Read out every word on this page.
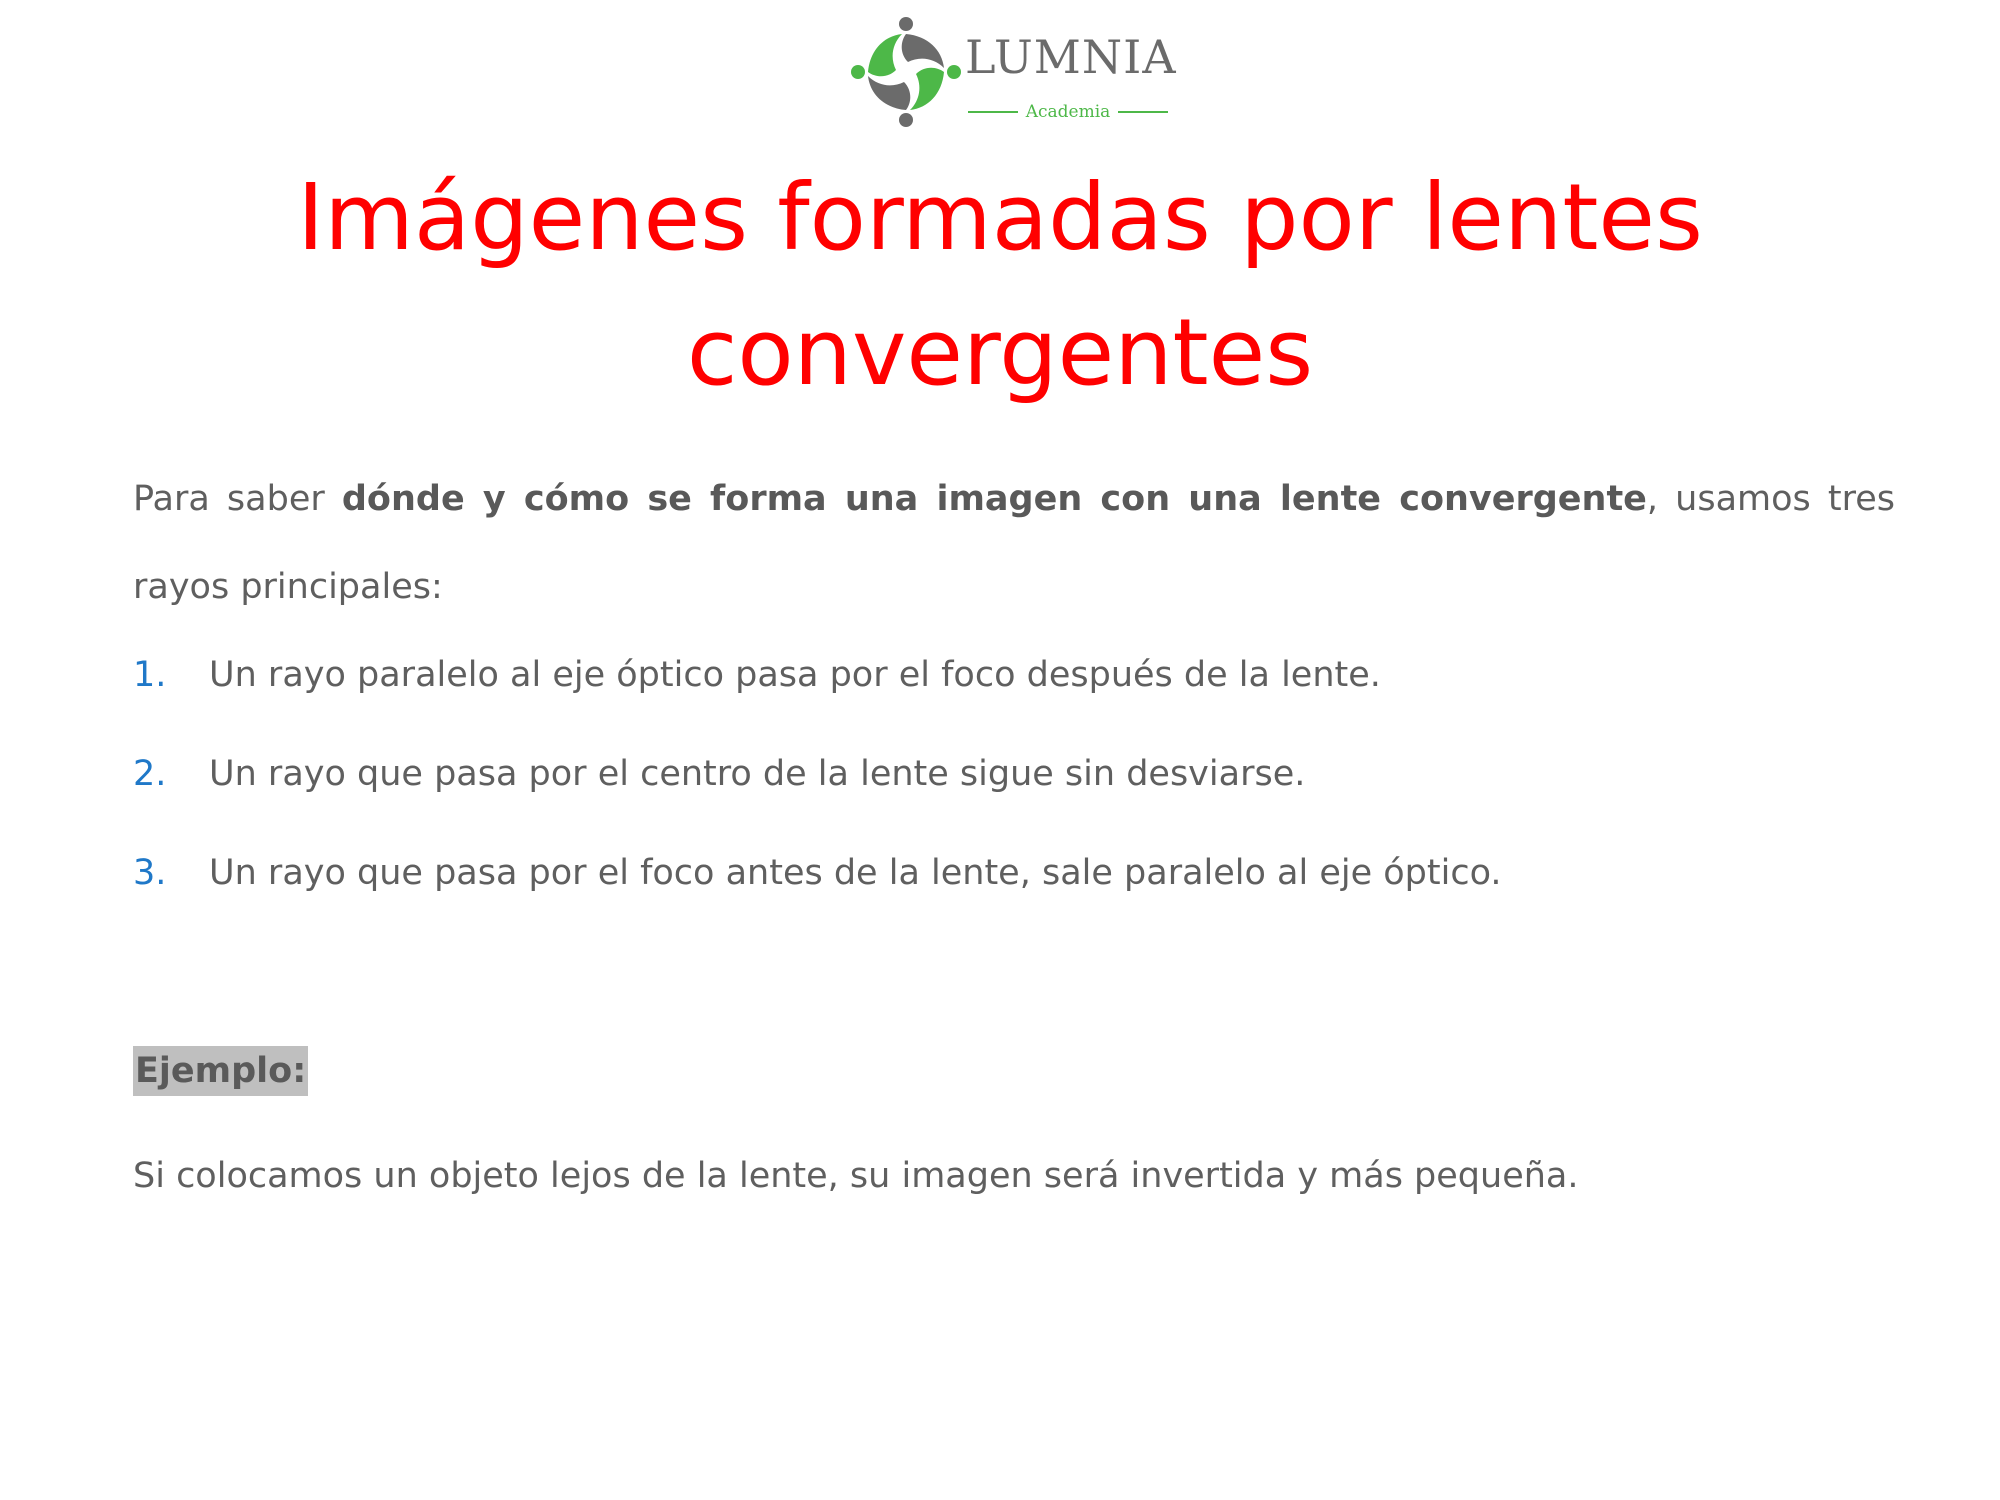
LUMNIA
Academia
Imágenes formadas por lentes convergentes

Para saber dónde y cómo se forma una imagen con una lente convergente, usamos tres rayos principales:

1. Un rayo paralelo al eje óptico pasa por el foco después de la lente.
2. Un rayo que pasa por el centro de la lente sigue sin desviarse.
3. Un rayo que pasa por el foco antes de la lente, sale paralelo al eje óptico.
Ejemplo:
Si colocamos un objeto lejos de la lente, su imagen será invertida y más pequeña.
